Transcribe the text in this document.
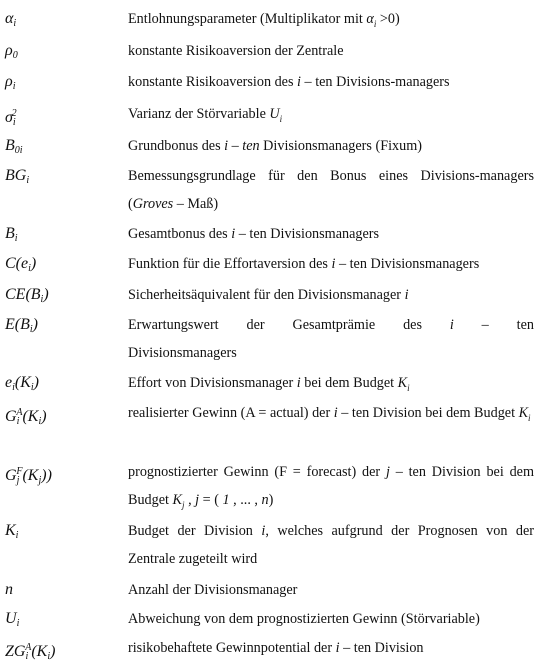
$\alpha_i$	Entlohnungsparameter (Multiplikator mit $\alpha_i >0$)
$\rho_0$	konstante Risikoaversion der Zentrale
$\rho_i$	konstante Risikoaversion des i – ten Divisions-managers
$\sigma_i^2$	Varianz der Störvariable $U_i$
$B_{0i}$	Grundbonus des i – ten Divisionsmanagers (Fixum)
$BG_i$	Bemessungsgrundlage für den Bonus eines Divisions-managers (Groves – Maß)
$B_i$	Gesamtbonus des i – ten Divisionsmanagers
$C(e_i)$	Funktion für die Effortaversion des i – ten Divisionsmanagers
$CE(B_i)$	Sicherheitsäquivalent für den Divisionsmanager i
$E(B_i)$	Erwartungswert der Gesamtprämie des i – ten Divisionsmanagers
$e_i(K_i)$	Effort von Divisionsmanager i bei dem Budget $K_i$
$G_i^A(K_i)$	realisierter Gewinn (A = actual) der i – ten Division bei dem Budget $K_i$
$G_j^F(K_j)$)	prognostizierter Gewinn (F = forecast) der j – ten Division bei dem Budget $K_j$ , j = ( 1 , ... , n)
$K_i$	Budget der Division i, welches aufgrund der Prognosen von der Zentrale zugeteilt wird
n	Anzahl der Divisionsmanager
$U_i$	Abweichung von dem prognostizierten Gewinn (Störvariable)
$ZG_i^A(K_i)$	risikobehaftete Gewinnpotential der i – ten Division
